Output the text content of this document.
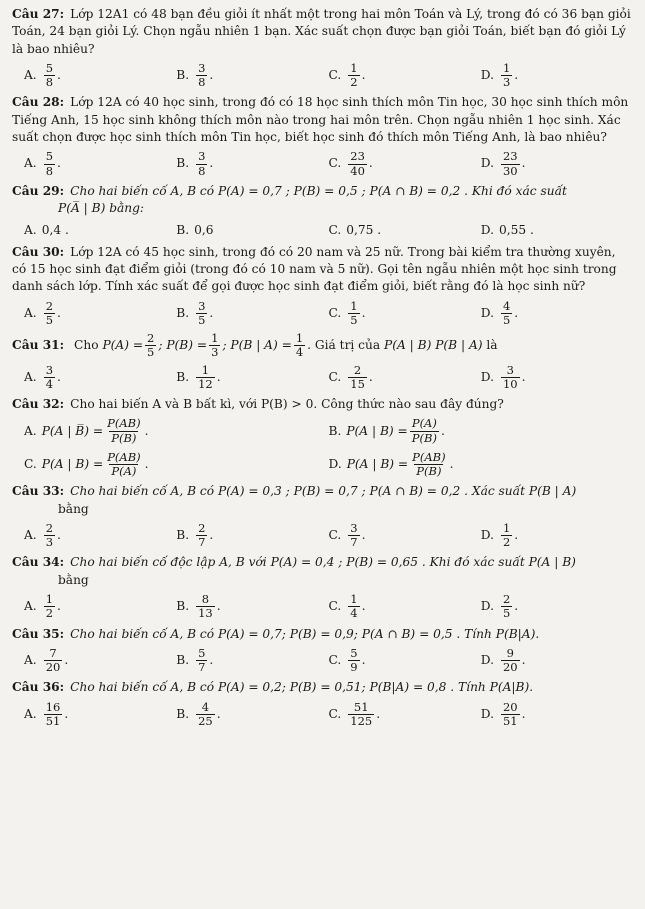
Câu 27: Lớp 12A1 có 48 bạn đều giỏi ít nhất một trong hai môn Toán và Lý, trong đó có 36 bạn giỏi Toán, 24 bạn giỏi Lý. Chọn ngẫu nhiên 1 bạn. Xác suất chọn được bạn giỏi Toán, biết bạn đó giỏi Lý là bao nhiêu?
A. $\frac{5}{8}$ .	B. $\frac{3}{8}$ .	C. $\frac{1}{2}$ .	D. $\frac{1}{3}$ .
Câu 28: Lớp 12A có 40 học sinh, trong đó có 18 học sinh thích môn Tin học, 30 học sinh thích môn Tiếng Anh, 15 học sinh không thích môn nào trong hai môn trên. Chọn ngẫu nhiên 1 học sinh. Xác suất chọn được học sinh thích môn Tin học, biết học sinh đó thích môn Tiếng Anh, là bao nhiêu?
A. $\frac{5}{8}$ .	B. $\frac{3}{8}$ .	C. $\frac{23}{40}$ .	D. $\frac{23}{30}$ .
Câu 29: Cho hai biến cố A, B có P(A) = 0,7 ; P(B) = 0,5 ; P(A ∩ B) = 0,2 . Khi đó xác suất
P(A̅ | B) bằng:
A. 0,4 .	B. 0,6	C. 0,75 .	D. 0,55 .
Câu 30: Lớp 12A có 45 học sinh, trong đó có 20 nam và 25 nữ. Trong bài kiểm tra thường xuyên, có 15 học sinh đạt điểm giỏi (trong đó có 10 nam và 5 nữ). Gọi tên ngẫu nhiên một học sinh trong danh sách lớp. Tính xác suất để gọi được học sinh đạt điểm giỏi, biết rằng đó là học sinh nữ?
A. $\frac{2}{5}$ .	B. $\frac{3}{5}$ .	C. $\frac{1}{5}$ .	D. $\frac{4}{5}$ .
Câu 31: Cho $P(A) = \frac{2}{5}$ ; $P(B) = \frac{1}{3}$ ; P(B | $A) = \frac{1}{4}$ . Giá trị của P(A | B) P(B | A) là
A. $\frac{3}{4}$ .	B. $\frac{1}{12}$ .	C. $\frac{2}{15}$ .	D. $\frac{3}{10}$ .
Câu 32: Cho hai biến A và B bất kì, với P(B) > 0. Công thức nào sau đây đúng?
A. P(A | B̅) = $\frac{P(AB)}{P(B̅)}$ .	B. P(A | $B) = \frac{P(A)}{P(B)}$ .
C. P(A | $B) = \frac{P(AB)}{P(A)}$ .	D. P(A | $B) = \frac{P(AB)}{P(B)}$ .
Câu 33: Cho hai biến cố A, B có P(A) = 0,3 ; P(B) = 0,7 ; P(A ∩ B) = 0,2 . Xác suất P(B | A)
bằng
A. $\frac{2}{3}$ .	B. $\frac{2}{7}$ .	C. $\frac{3}{7}$ .	D. $\frac{1}{2}$ .
Câu 34: Cho hai biến cố độc lập A, B với P(A) = 0,4 ; P(B) = 0,65 . Khi đó xác suất P(A | B)
bằng
A. $\frac{1}{2}$ .	B. $\frac{8}{13}$ .	C. $\frac{1}{4}$ .	D. $\frac{2}{5}$ .
Câu 35: Cho hai biến cố A, B có P(A) = 0,7; P(B) = 0,9; P(A ∩ B) = 0,5 . Tính P(B|A).
A. $\frac{7}{20}$ .	B. $\frac{5}{7}$ .	C. $\frac{5}{9}$ .	D. $\frac{9}{20}$ .
Câu 36: Cho hai biến cố A, B có P(A) = 0,2; P(B) = 0,51; P(B|A) = 0,8 . Tính P(A|B).
A. $\frac{16}{51}$ .	B. $\frac{4}{25}$ .	C. $\frac{51}{125}$ .	D. $\frac{20}{51}$ .
